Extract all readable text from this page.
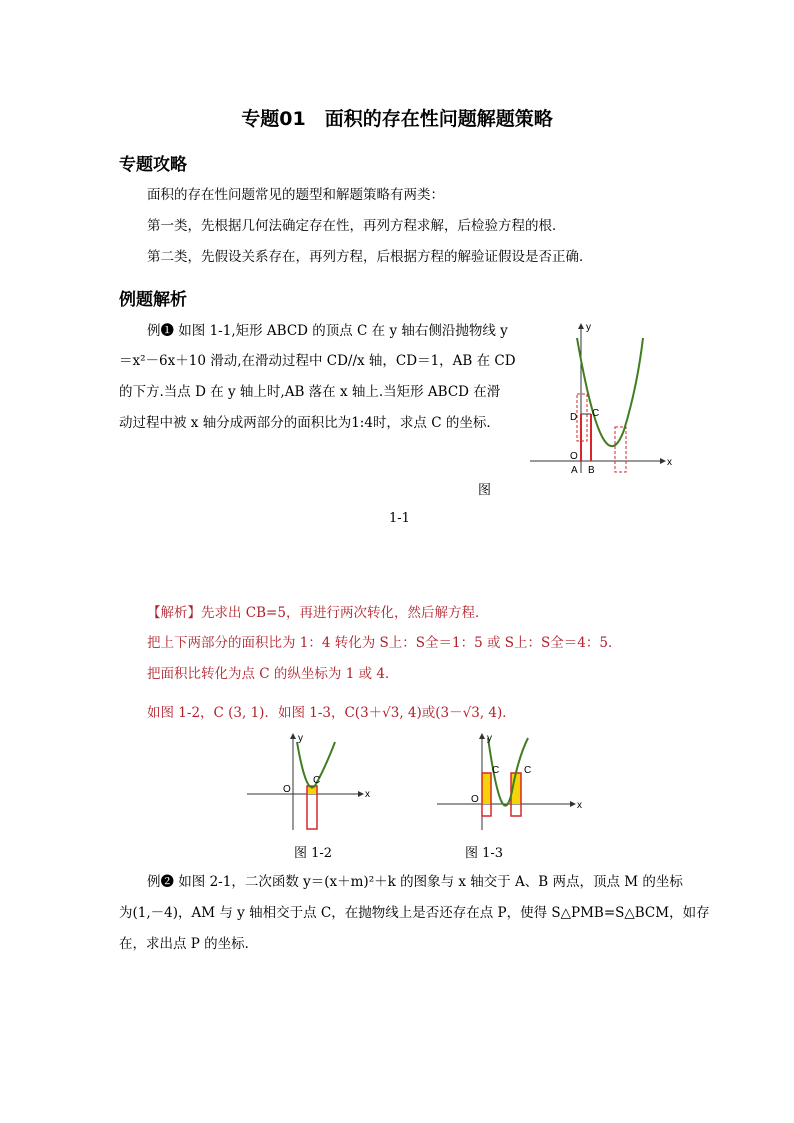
专题01　面积的存在性问题解题策略
专题攻略
面积的存在性问题常见的题型和解题策略有两类：
第一类，先根据几何法确定存在性，再列方程求解，后检验方程的根．
第二类，先假设关系存在，再列方程，后根据方程的解验证假设是否正确．
例题解析
例❶ 如图 1-1,矩形 ABCD 的顶点 C 在 y 轴右侧沿抛物线 y
＝x²－6x＋10 滑动,在滑动过程中 CD//x 轴，CD＝1，AB 在 CD
的下方.当点 D 在 y 轴上时,AB 落在 x 轴上.当矩形 ABCD 在滑
动过程中被 x 轴分成两部分的面积比为1:4时，求点 C 的坐标．
y
x
D C
O
A B
图
1-1
【解析】先求出 CB=5，再进行两次转化，然后解方程．
把上下两部分的面积比为 1：4 转化为 S上：S全＝1：5 或 S上：S全＝4：5．
把面积比转化为点 C 的纵坐标为 1 或 4．
如图 1-2，C (3, 1)．如图 1-3，C(3＋√3, 4)或(3－√3, 4)．
y
x
O
C
图 1-2
y
x
O
C C
图 1-3
例❷ 如图 2-1，二次函数 y＝(x＋m)²＋k 的图象与 x 轴交于 A、B 两点，顶点 M 的坐标
为(1,－4)，AM 与 y 轴相交于点 C，在抛物线上是否还存在点 P，使得 S△PMB=S△BCM，如存
在，求出点 P 的坐标．
